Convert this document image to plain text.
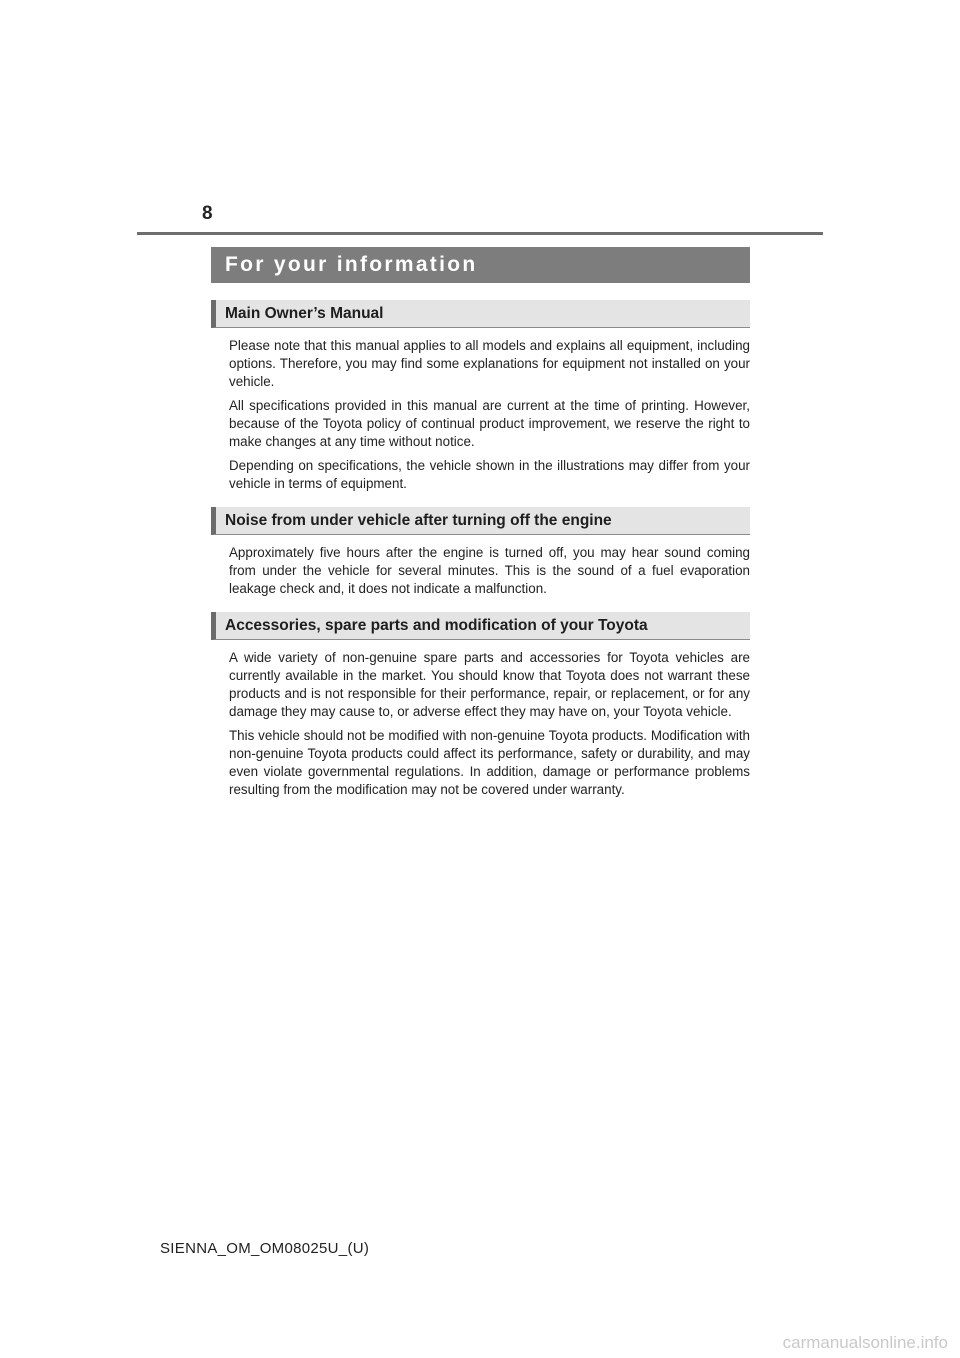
8
For your information
Main Owner’s Manual

Please note that this manual applies to all models and explains all equipment, including options. Therefore, you may find some explanations for equipment not installed on your vehicle.

All specifications provided in this manual are current at the time of printing. However, because of the Toyota policy of continual product improvement, we reserve the right to make changes at any time without notice.

Depending on specifications, the vehicle shown in the illustrations may differ from your vehicle in terms of equipment.

Noise from under vehicle after turning off the engine

Approximately five hours after the engine is turned off, you may hear sound coming from under the vehicle for several minutes. This is the sound of a fuel evaporation leakage check and, it does not indicate a malfunction.

Accessories, spare parts and modification of your Toyota

A wide variety of non-genuine spare parts and accessories for Toyota vehicles are currently available in the market. You should know that Toyota does not warrant these products and is not responsible for their performance, repair, or replacement, or for any damage they may cause to, or adverse effect they may have on, your Toyota vehicle.

This vehicle should not be modified with non-genuine Toyota products. Modification with non-genuine Toyota products could affect its performance, safety or durability, and may even violate governmental regulations. In addition, damage or performance problems resulting from the modification may not be covered under warranty.

SIENNA_OM_OM08025U_(U)
carmanualsonline.info
